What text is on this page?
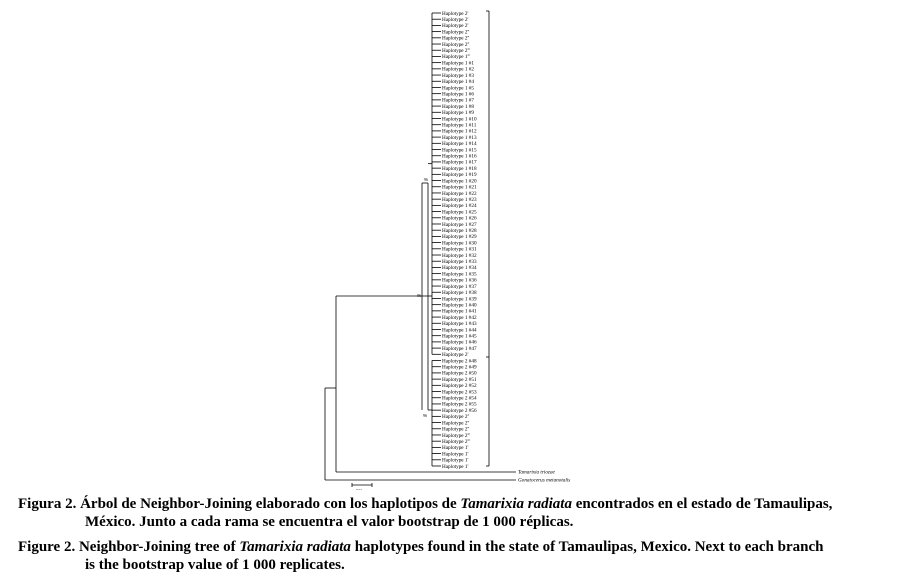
Haplotype 2'
Haplotype 2'
Haplotype 2'
Haplotype 2''
Haplotype 2''
Haplotype 2''
Haplotype 2'''
Haplotype 1'''
Haplotype 1 #1
Haplotype 1 #2
Haplotype 1 #3
Haplotype 1 #4
Haplotype 1 #5
Haplotype 1 #6
Haplotype 1 #7
Haplotype 1 #8
Haplotype 1 #9
Haplotype 1 #10
Haplotype 1 #11
Haplotype 1 #12
Haplotype 1 #13
Haplotype 1 #14
Haplotype 1 #15
Haplotype 1 #16
Haplotype 1 #17
Haplotype 1 #18
Haplotype 1 #19
Haplotype 1 #20
Haplotype 1 #21
Haplotype 1 #22
Haplotype 1 #23
Haplotype 1 #24
Haplotype 1 #25
Haplotype 1 #26
Haplotype 1 #27
Haplotype 1 #28
Haplotype 1 #29
Haplotype 1 #30
Haplotype 1 #31
Haplotype 1 #32
Haplotype 1 #33
Haplotype 1 #34
Haplotype 1 #35
Haplotype 1 #36
Haplotype 1 #37
Haplotype 1 #38
Haplotype 1 #39
Haplotype 1 #40
Haplotype 1 #41
Haplotype 1 #42
Haplotype 1 #43
Haplotype 1 #44
Haplotype 1 #45
Haplotype 1 #46
Haplotype 1 #47
Haplotype 2'
Haplotype 2 #48
Haplotype 2 #49
Haplotype 2 #50
Haplotype 2 #51
Haplotype 2 #52
Haplotype 2 #53
Haplotype 2 #54
Haplotype 2 #55
Haplotype 2 #56
Haplotype 2''
Haplotype 2''
Haplotype 2''
Haplotype 2'''
Haplotype 2'''
Haplotype 1'
Haplotype 1'
Haplotype 1'
Haplotype 1'
96
96
96
Tamarixia triozae
Gonatocerus metanotalis
0.01
Figura 2. Árbol de Neighbor-Joining elaborado con los haplotipos de Tamarixia radiata encontrados en el estado de Tamaulipas,
México. Junto a cada rama se encuentra el valor bootstrap de 1 000 réplicas.
Figure 2. Neighbor-Joining tree of Tamarixia radiata haplotypes found in the state of Tamaulipas, Mexico. Next to each branch
is the bootstrap value of 1 000 replicates.
